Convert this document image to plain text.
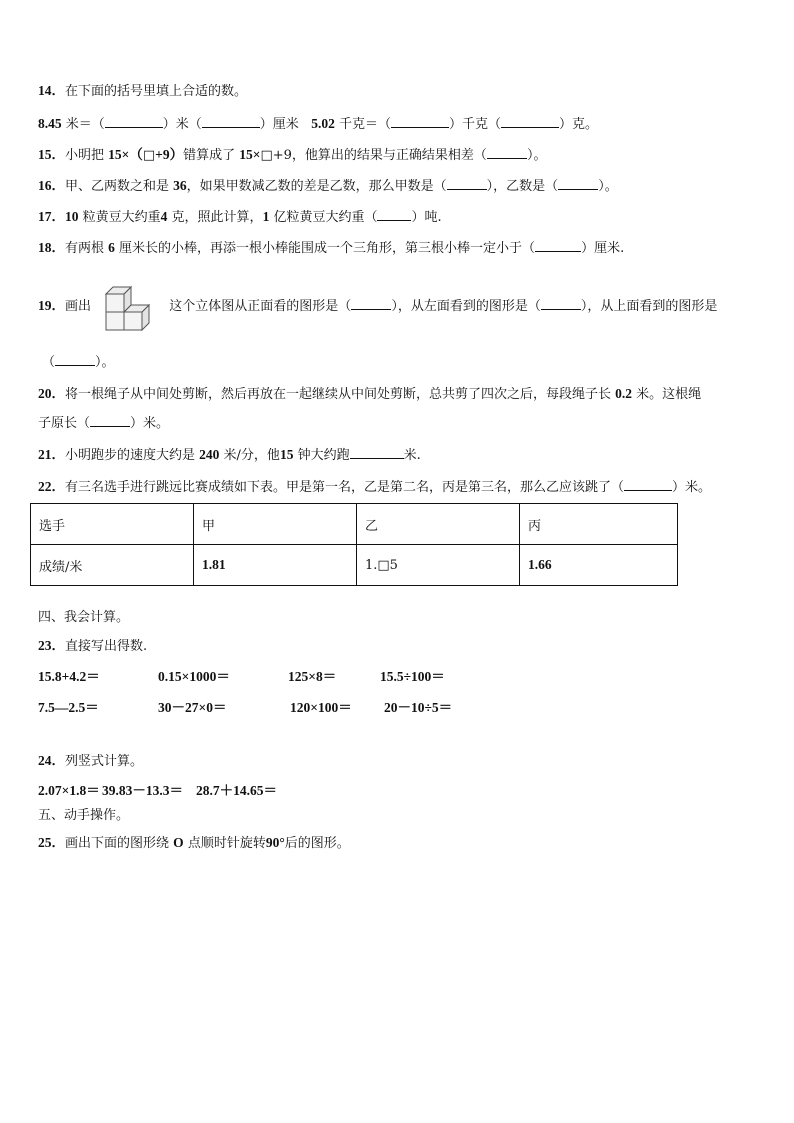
14．在下面的括号里填上合适的数。
8.45 米＝（	）米（	）厘米 5.02 千克＝（	）千克（	）克。
15．小明把 15×（□+9）错算成了 15×□+9，他算出的结果与正确结果相差（	）。
16．甲、乙两数之和是 36，如果甲数减乙数的差是乙数，那么甲数是（	），乙数是（	）。
17．10 粒黄豆大约重4 克，照此计算，1 亿粒黄豆大约重（	）吨.
18．有两根 6 厘米长的小棒，再添一根小棒能围成一个三角形，第三根小棒一定小于（	）厘米.
19．画出	这个立体图从正面看的图形是（	），从左面看到的图形是（	），从上面看到的图形是
（	）。
20．将一根绳子从中间处剪断，然后再放在一起继续从中间处剪断，总共剪了四次之后，每段绳子长 0.2 米。这根绳
子原长（	）米。
21．小明跑步的速度大约是 240 米/分，他15 钟大约跑	米.
22．有三名选手进行跳远比赛成绩如下表。甲是第一名，乙是第二名，丙是第三名，那么乙应该跳了（	）米。
选手	甲	乙	丙
成绩/米	1.81	1.□5	1.66
四、我会计算。
23．直接写出得数.
15.8+4.2＝	0.15×1000＝	125×8＝	15.5÷100＝
7.5—2.5＝	30－27×0＝	120×100＝ 20－10÷5＝
24．列竖式计算。
2.07×1.8＝ 39.83－13.3＝ 28.7＋14.65＝
五、动手操作。
25．画出下面的图形绕 O 点顺时针旋转90°后的图形。
